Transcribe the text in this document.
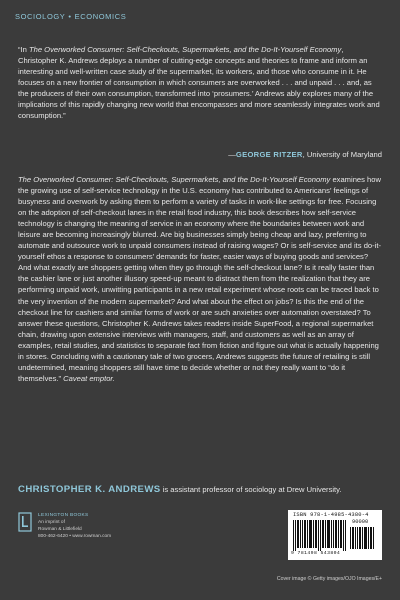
SOCIOLOGY • ECONOMICS
“In The Overworked Consumer: Self-Checkouts, Supermarkets, and the Do-It-Yourself Economy, Christopher K. Andrews deploys a number of cutting-edge concepts and theories to frame and inform an interesting and well-written case study of the supermarket, its workers, and those who consume in it. He focuses on a new frontier of consumption in which consumers are overworked . . . and unpaid . . . and, as the producers of their own consumption, transformed into ‘prosumers.’ Andrews ably explores many of the implications of this rapidly changing new world that encompasses and more seamlessly integrates work and consumption.”
—GEORGE RITZER, University of Maryland
The Overworked Consumer: Self-Checkouts, Supermarkets, and the Do-It-Yourself Economy examines how the growing use of self-service technology in the U.S. economy has contributed to Americans’ feelings of busyness and overwork by asking them to perform a variety of tasks in work-like settings for free. Focusing on the adoption of self-checkout lanes in the retail food industry, this book describes how self-service technology is changing the meaning of service in an economy where the boundaries between work and leisure are becoming increasingly blurred. Are big businesses simply being cheap and lazy, preferring to automate and outsource work to unpaid consumers instead of raising wages? Or is self-service and its do-it-yourself ethos a response to consumers’ demands for faster, easier ways of buying goods and services? And what exactly are shoppers getting when they go through the self-checkout lane? Is it really faster than the cashier lane or just another illusory speed-up meant to distract them from the realization that they are performing unpaid work, unwitting participants in a new retail experiment whose roots can be traced back to the very invention of the modern supermarket? And what about the effect on jobs? Is this the end of the checkout line for cashiers and similar forms of work or are such anxieties over automation overstated? To answer these questions, Christopher K. Andrews takes readers inside SuperFood, a regional supermarket chain, drawing upon extensive interviews with managers, staff, and customers as well as an array of examples, retail studies, and statistics to separate fact from fiction and figure out what is actually happening in stores. Concluding with a cautionary tale of two grocers, Andrews suggests the future of retailing is still undetermined, meaning shoppers still have time to decide whether or not they really want to “do it themselves.” Caveat emptor.
CHRISTOPHER K. ANDREWS is assistant professor of sociology at Drew University.
LEXINGTON BOOKS
An imprint of
Rowman & Littlefield
800-462-6420 • www.rowman.com
ISBN 978-1-4985-4380-4
90000
9 781498 543804
Cover image © Getty images/OJO Images/E+
